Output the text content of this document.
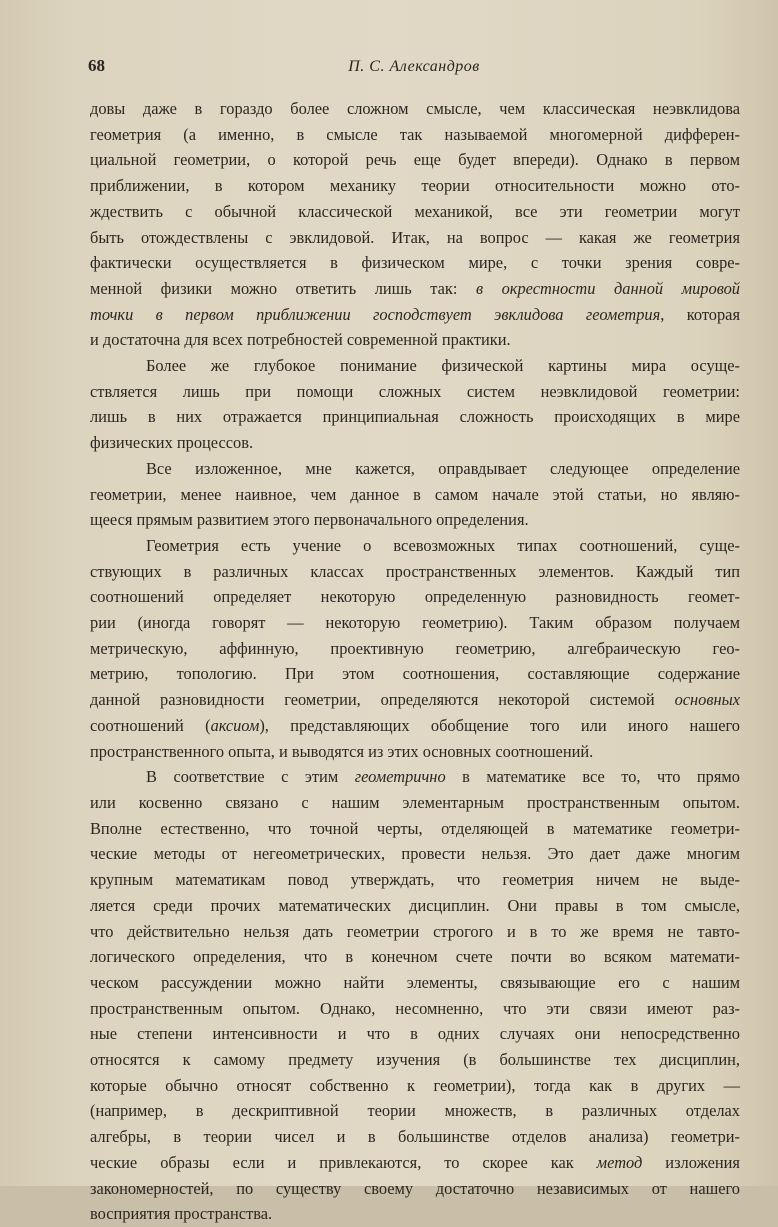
68	П. С. Александров
довы даже в гораздо более сложном смысле, чем классическая неэвклидова
геометрия (а именно, в смысле так называемой многомерной дифферен-
циальной геометрии, о которой речь еще будет впереди). Однако в первом
приближении, в котором механику теории относительности можно ото-
ждествить с обычной классической механикой, все эти геометрии могут
быть отождествлены с эвклидовой. Итак, на вопрос — какая же геометрия
фактически осуществляется в физическом мире, с точки зрения совре-
менной физики можно ответить лишь так: в окрестности данной мировой
точки в первом приближении господствует эвклидова геометрия, которая
и достаточна для всех потребностей современной практики.
Более же глубокое понимание физической картины мира осуще-
ствляется лишь при помощи сложных систем неэвклидовой геометрии:
лишь в них отражается принципиальная сложность происходящих в мире
физических процессов.
Все изложенное, мне кажется, оправдывает следующее определение
геометрии, менее наивное, чем данное в самом начале этой статьи, но являю-
щееся прямым развитием этого первоначального определения.
Геометрия есть учение о всевозможных типах соотношений, суще-
ствующих в различных классах пространственных элементов. Каждый тип
соотношений определяет некоторую определенную разновидность геомет-
рии (иногда говорят — некоторую геометрию). Таким образом получаем
метрическую, аффинную, проективную геометрию, алгебраическую гео-
метрию, топологию. При этом соотношения, составляющие содержание
данной разновидности геометрии, определяются некоторой системой основных
соотношений (аксиом), представляющих обобщение того или иного нашего
пространственного опыта, и выводятся из этих основных соотношений.
В соответствие с этим геометрично в математике все то, что прямо
или косвенно связано с нашим элементарным пространственным опытом.
Вполне естественно, что точной черты, отделяющей в математике геометри-
ческие методы от негеометрических, провести нельзя. Это дает даже многим
крупным математикам повод утверждать, что геометрия ничем не выде-
ляется среди прочих математических дисциплин. Они правы в том смысле,
что действительно нельзя дать геометрии строгого и в то же время не тавто-
логического определения, что в конечном счете почти во всяком математи-
ческом рассуждении можно найти элементы, связывающие его с нашим
пространственным опытом. Однако, несомненно, что эти связи имеют раз-
ные степени интенсивности и что в одних случаях они непосредственно
относятся к самому предмету изучения (в большинстве тех дисциплин,
которые обычно относят собственно к геометрии), тогда как в других —
(например, в дескриптивной теории множеств, в различных отделах
алгебры, в теории чисел и в большинстве отделов анализа) геометри-
ческие образы если и привлекаются, то скорее как метод изложения
закономерностей, по существу своему достаточно независимых от нашего
восприятия пространства.
